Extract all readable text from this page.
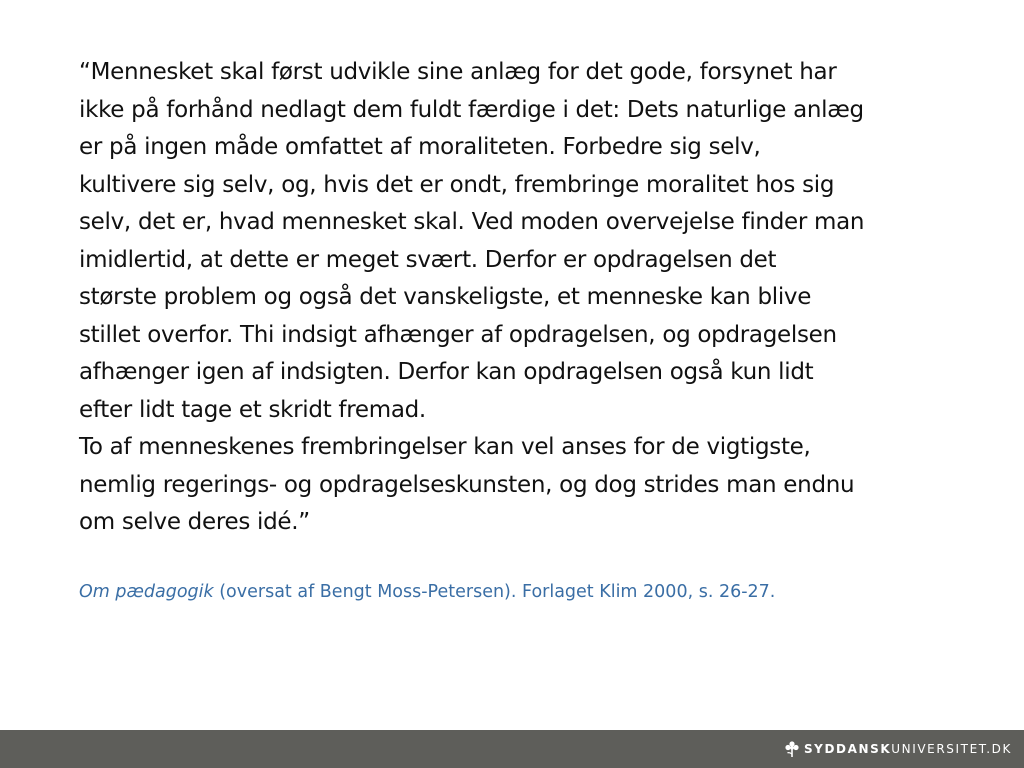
“Mennesket skal først udvikle sine anlæg for det gode, forsynet har

ikke på forhånd nedlagt dem fuldt færdige i det: Dets naturlige anlæg

er på ingen måde omfattet af moraliteten. Forbedre sig selv,

kultivere sig selv, og, hvis det er ondt, frembringe moralitet hos sig

selv, det er, hvad mennesket skal. Ved moden overvejelse finder man

imidlertid, at dette er meget svært. Derfor er opdragelsen det

største problem og også det vanskeligste, et menneske kan blive

stillet overfor. Thi indsigt afhænger af opdragelsen, og opdragelsen

afhænger igen af indsigten. Derfor kan opdragelsen også kun lidt

efter lidt tage et skridt fremad.

To af menneskenes frembringelser kan vel anses for de vigtigste,

nemlig regerings- og opdragelseskunsten, og dog strides man endnu

om selve deres idé.”

Om pædagogik (oversat af Bengt Moss-Petersen). Forlaget Klim 2000, s. 26-27.

SYDDANSK UNIVERSITET.DK
